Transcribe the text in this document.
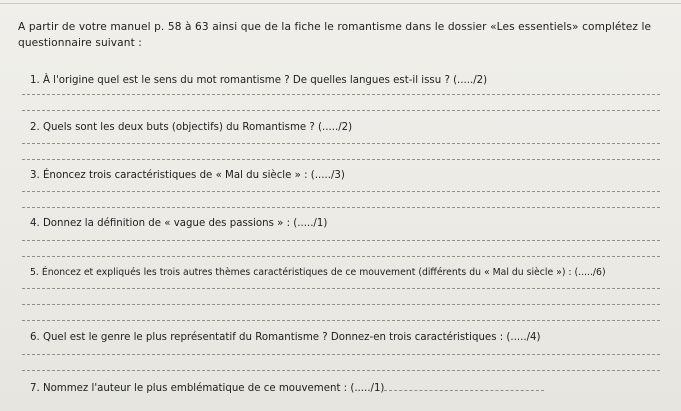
A partir de votre manuel p. 58 à 63 ainsi que de la fiche le romantisme dans le dossier «Les essentiels» complétez le questionnaire suivant :
1. À l'origine quel est le sens du mot romantisme ? De quelles langues est-il issu ? (...../2)
2. Quels sont les deux buts (objectifs) du Romantisme ? (...../2)
3. Énoncez trois caractéristiques de « Mal du siècle » : (...../3)
4. Donnez la définition de « vague des passions » : (...../1)
5. Énoncez et expliqués les trois autres thèmes caractéristiques de ce mouvement (différents du « Mal du siècle ») : (...../6)
6. Quel est le genre le plus représentatif du Romantisme ? Donnez-en trois caractéristiques : (...../4)
7. Nommez l'auteur le plus emblématique de ce mouvement : (...../1)
